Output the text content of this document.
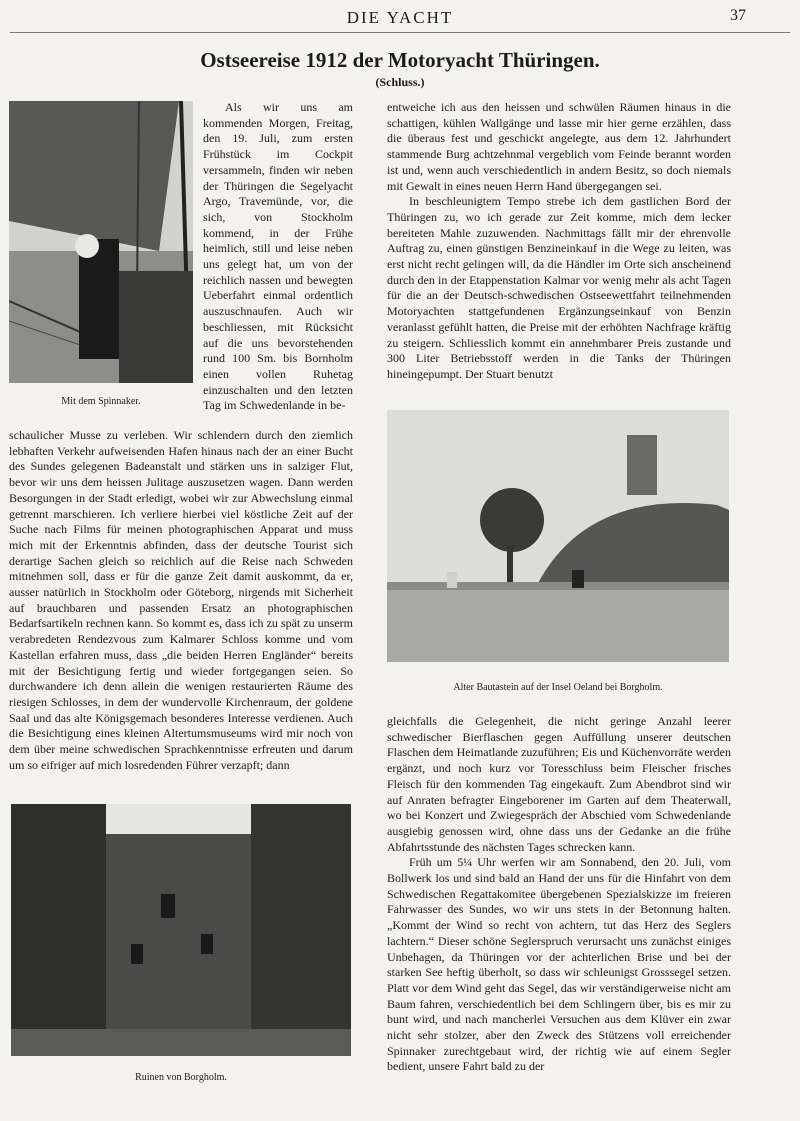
DIE YACHT	37
Ostseereise 1912 der Motoryacht Thüringen.
(Schluss.)
Mit dem Spinnaker.

Als wir uns am kommenden Morgen, Freitag, den 19. Juli, zum ersten Frühstück im Cockpit versammeln, finden wir neben der Thüringen die Segelyacht Argo, Travemünde, vor, die sich, von Stockholm kommend, in der Frühe heimlich, still und leise neben uns gelegt hat, um von der reichlich nassen und bewegten Ueberfahrt einmal ordentlich auszuschnaufen. Auch wir beschliessen, mit Rücksicht auf die uns bevorstehenden rund 100 Sm. bis Bornholm einen vollen Ruhetag einzuschalten und den letzten Tag im Schwedenlande in be-

schaulicher Musse zu verleben. Wir schlendern durch den ziemlich lebhaften Verkehr aufweisenden Hafen hinaus nach der an einer Bucht des Sundes gelegenen Badeanstalt und stärken uns in salziger Flut, bevor wir uns dem heissen Julitage auszusetzen wagen. Dann werden Besorgungen in der Stadt erledigt, wobei wir zur Abwechslung einmal getrennt marschieren. Ich verliere hierbei viel köstliche Zeit auf der Suche nach Films für meinen photographischen Apparat und muss mich mit der Erkenntnis abfinden, dass der deutsche Tourist sich derartige Sachen gleich so reichlich auf die Reise nach Schweden mitnehmen soll, dass er für die ganze Zeit damit auskommt, da er, ausser natürlich in Stockholm oder Göteborg, nirgends mit Sicherheit auf brauchbaren und passenden Ersatz an photographischen Bedarfsartikeln rechnen kann. So kommt es, dass ich zu spät zu unserm verabredeten Rendezvous zum Kalmarer Schloss komme und vom Kastellan erfahren muss, dass „die beiden Herren Engländer“ bereits mit der Besichtigung fertig und wieder fortgegangen seien. So durchwandere ich denn allein die wenigen restaurierten Räume des riesigen Schlosses, in dem der wundervolle Kirchenraum, der goldene Saal und das alte Königsgemach besonderes Interesse verdienen. Auch die Besichtigung eines kleinen Altertumsmuseums wird mir noch von dem über meine schwedischen Sprachkenntnisse erfreuten und darum um so eifriger auf mich losredenden Führer verzapft; dann

Ruinen von Borgholm.

entweiche ich aus den heissen und schwülen Räumen hinaus in die schattigen, kühlen Wallgänge und lasse mir hier gerne erzählen, dass die überaus fest und geschickt angelegte, aus dem 12. Jahrhundert stammende Burg achtzehnmal vergeblich vom Feinde berannt worden ist und, wenn auch verschiedentlich in andern Besitz, so doch niemals mit Gewalt in eines neuen Herrn Hand übergegangen sei.

In beschleunigtem Tempo strebe ich dem gastlichen Bord der Thüringen zu, wo ich gerade zur Zeit komme, mich dem lecker bereiteten Mahle zuzuwenden. Nachmittags fällt mir der ehrenvolle Auftrag zu, einen günstigen Benzineinkauf in die Wege zu leiten, was erst nicht recht gelingen will, da die Händler im Orte sich anscheinend durch den in der Etappenstation Kalmar vor wenig mehr als acht Tagen für die an der Deutsch-schwedischen Ostseewettfahrt teilnehmenden Motoryachten stattgefundenen Ergänzungseinkauf von Benzin veranlasst gefühlt hatten, die Preise mit der erhöhten Nachfrage kräftig zu steigern. Schliesslich kommt ein annehmbarer Preis zustande und 300 Liter Betriebsstoff werden in die Tanks der Thüringen hineingepumpt. Der Stuart benutzt

Alter Bautastein auf der Insel Oeland bei Borgholm.

gleichfalls die Gelegenheit, die nicht geringe Anzahl leerer schwedischer Bierflaschen gegen Auffüllung unserer deutschen Flaschen dem Heimatlande zuzuführen; Eis und Küchenvorräte werden ergänzt, und noch kurz vor Toresschluss beim Fleischer frisches Fleisch für den kommenden Tag eingekauft. Zum Abendbrot sind wir auf Anraten befragter Eingeborener im Garten auf dem Theaterwall, wo bei Konzert und Zwiegespräch der Abschied vom Schwedenlande ausgiebig genossen wird, ohne dass uns der Gedanke an die frühe Abfahrtsstunde des nächsten Tages schrecken kann.

Früh um 5¼ Uhr werfen wir am Sonnabend, den 20. Juli, vom Bollwerk los und sind bald an Hand der uns für die Hinfahrt von dem Schwedischen Regattakomitee übergebenen Spezialskizze im freieren Fahrwasser des Sundes, wo wir uns stets in der Betonnung halten. „Kommt der Wind so recht von achtern, tut das Herz des Seglers lachtern.“ Dieser schöne Seglerspruch verursacht uns zunächst einiges Unbehagen, da Thüringen vor der achterlichen Brise und bei der starken See heftig überholt, so dass wir schleunigst Grosssegel setzen. Platt vor dem Wind geht das Segel, das wir verständigerweise nicht am Baum fahren, verschiedentlich bei dem Schlingern über, bis es mir zu bunt wird, und nach mancherlei Versuchen aus dem Klüver ein zwar nicht sehr stolzer, aber den Zweck des Stützens voll erreichender Spinnaker zurechtgebaut wird, der richtig wie auf einem Segler bedient, unsere Fahrt bald zu der
